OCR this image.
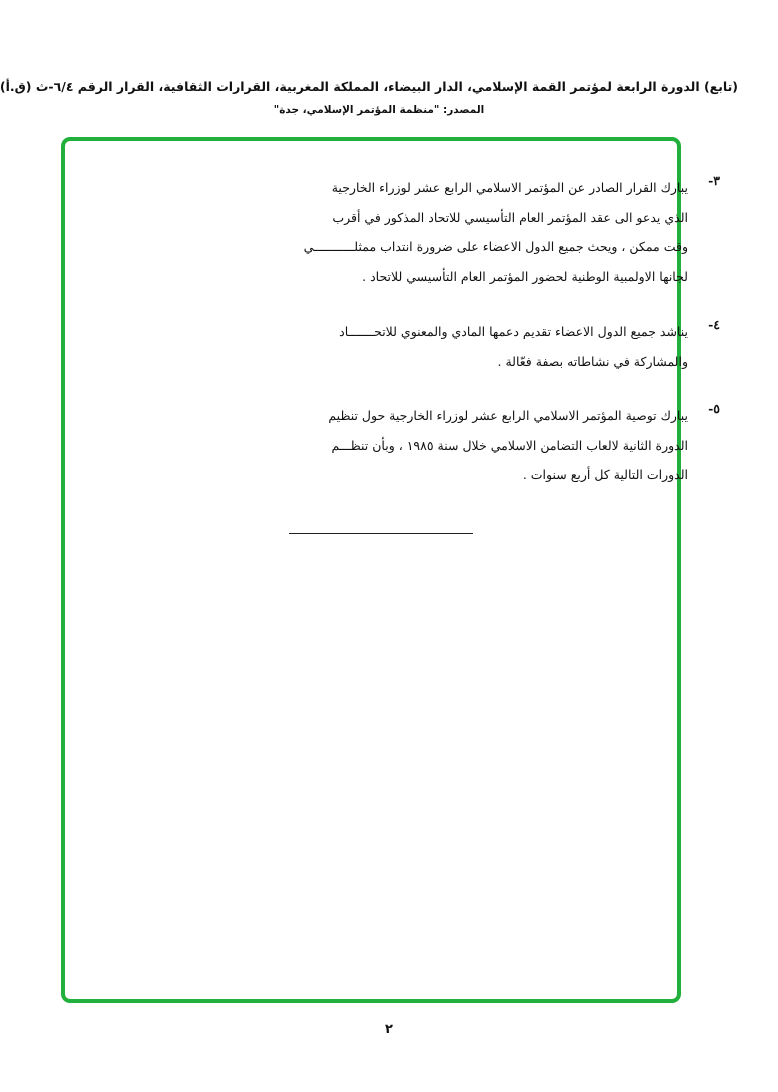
(تابع) الدورة الرابعة لمؤتمر القمة الإسلامي، الدار البيضاء، المملكة المغربية، القرارات الثقافية، القرار الرقم ٦/٤-ث (ق.أ)
المصدر: "منظمة المؤتمر الإسلامي، جدة"
٣-
يبارك القرار الصادر عن المؤتمر الاسلامي الرابع عشر لوزراء الخارجية
الذي يدعو الى عقد المؤتمر العام التأسيسي للاتحاد المذكور في أقرب
وقت ممكن ، ويحث جميع الدول الاعضاء على ضرورة انتداب ممثلـــــــــــي
لجانها الاولمبية الوطنية لحضور المؤتمر العام التأسيسي للاتحاد .
٤-
يناشد جميع الدول الاعضاء تقديم دعمها المادي والمعنوي للاتحـــــــاد
والمشاركة في نشاطاته بصفة فعّالة .
٥-
يبارك توصية المؤتمر الاسلامي الرابع عشر لوزراء الخارجية حول تنظيم
الدورة الثانية لالعاب التضامن الاسلامي خلال سنة ١٩٨٥ ، وبأن تنظـــم
الدورات التالية كل أربع سنوات .
٢
